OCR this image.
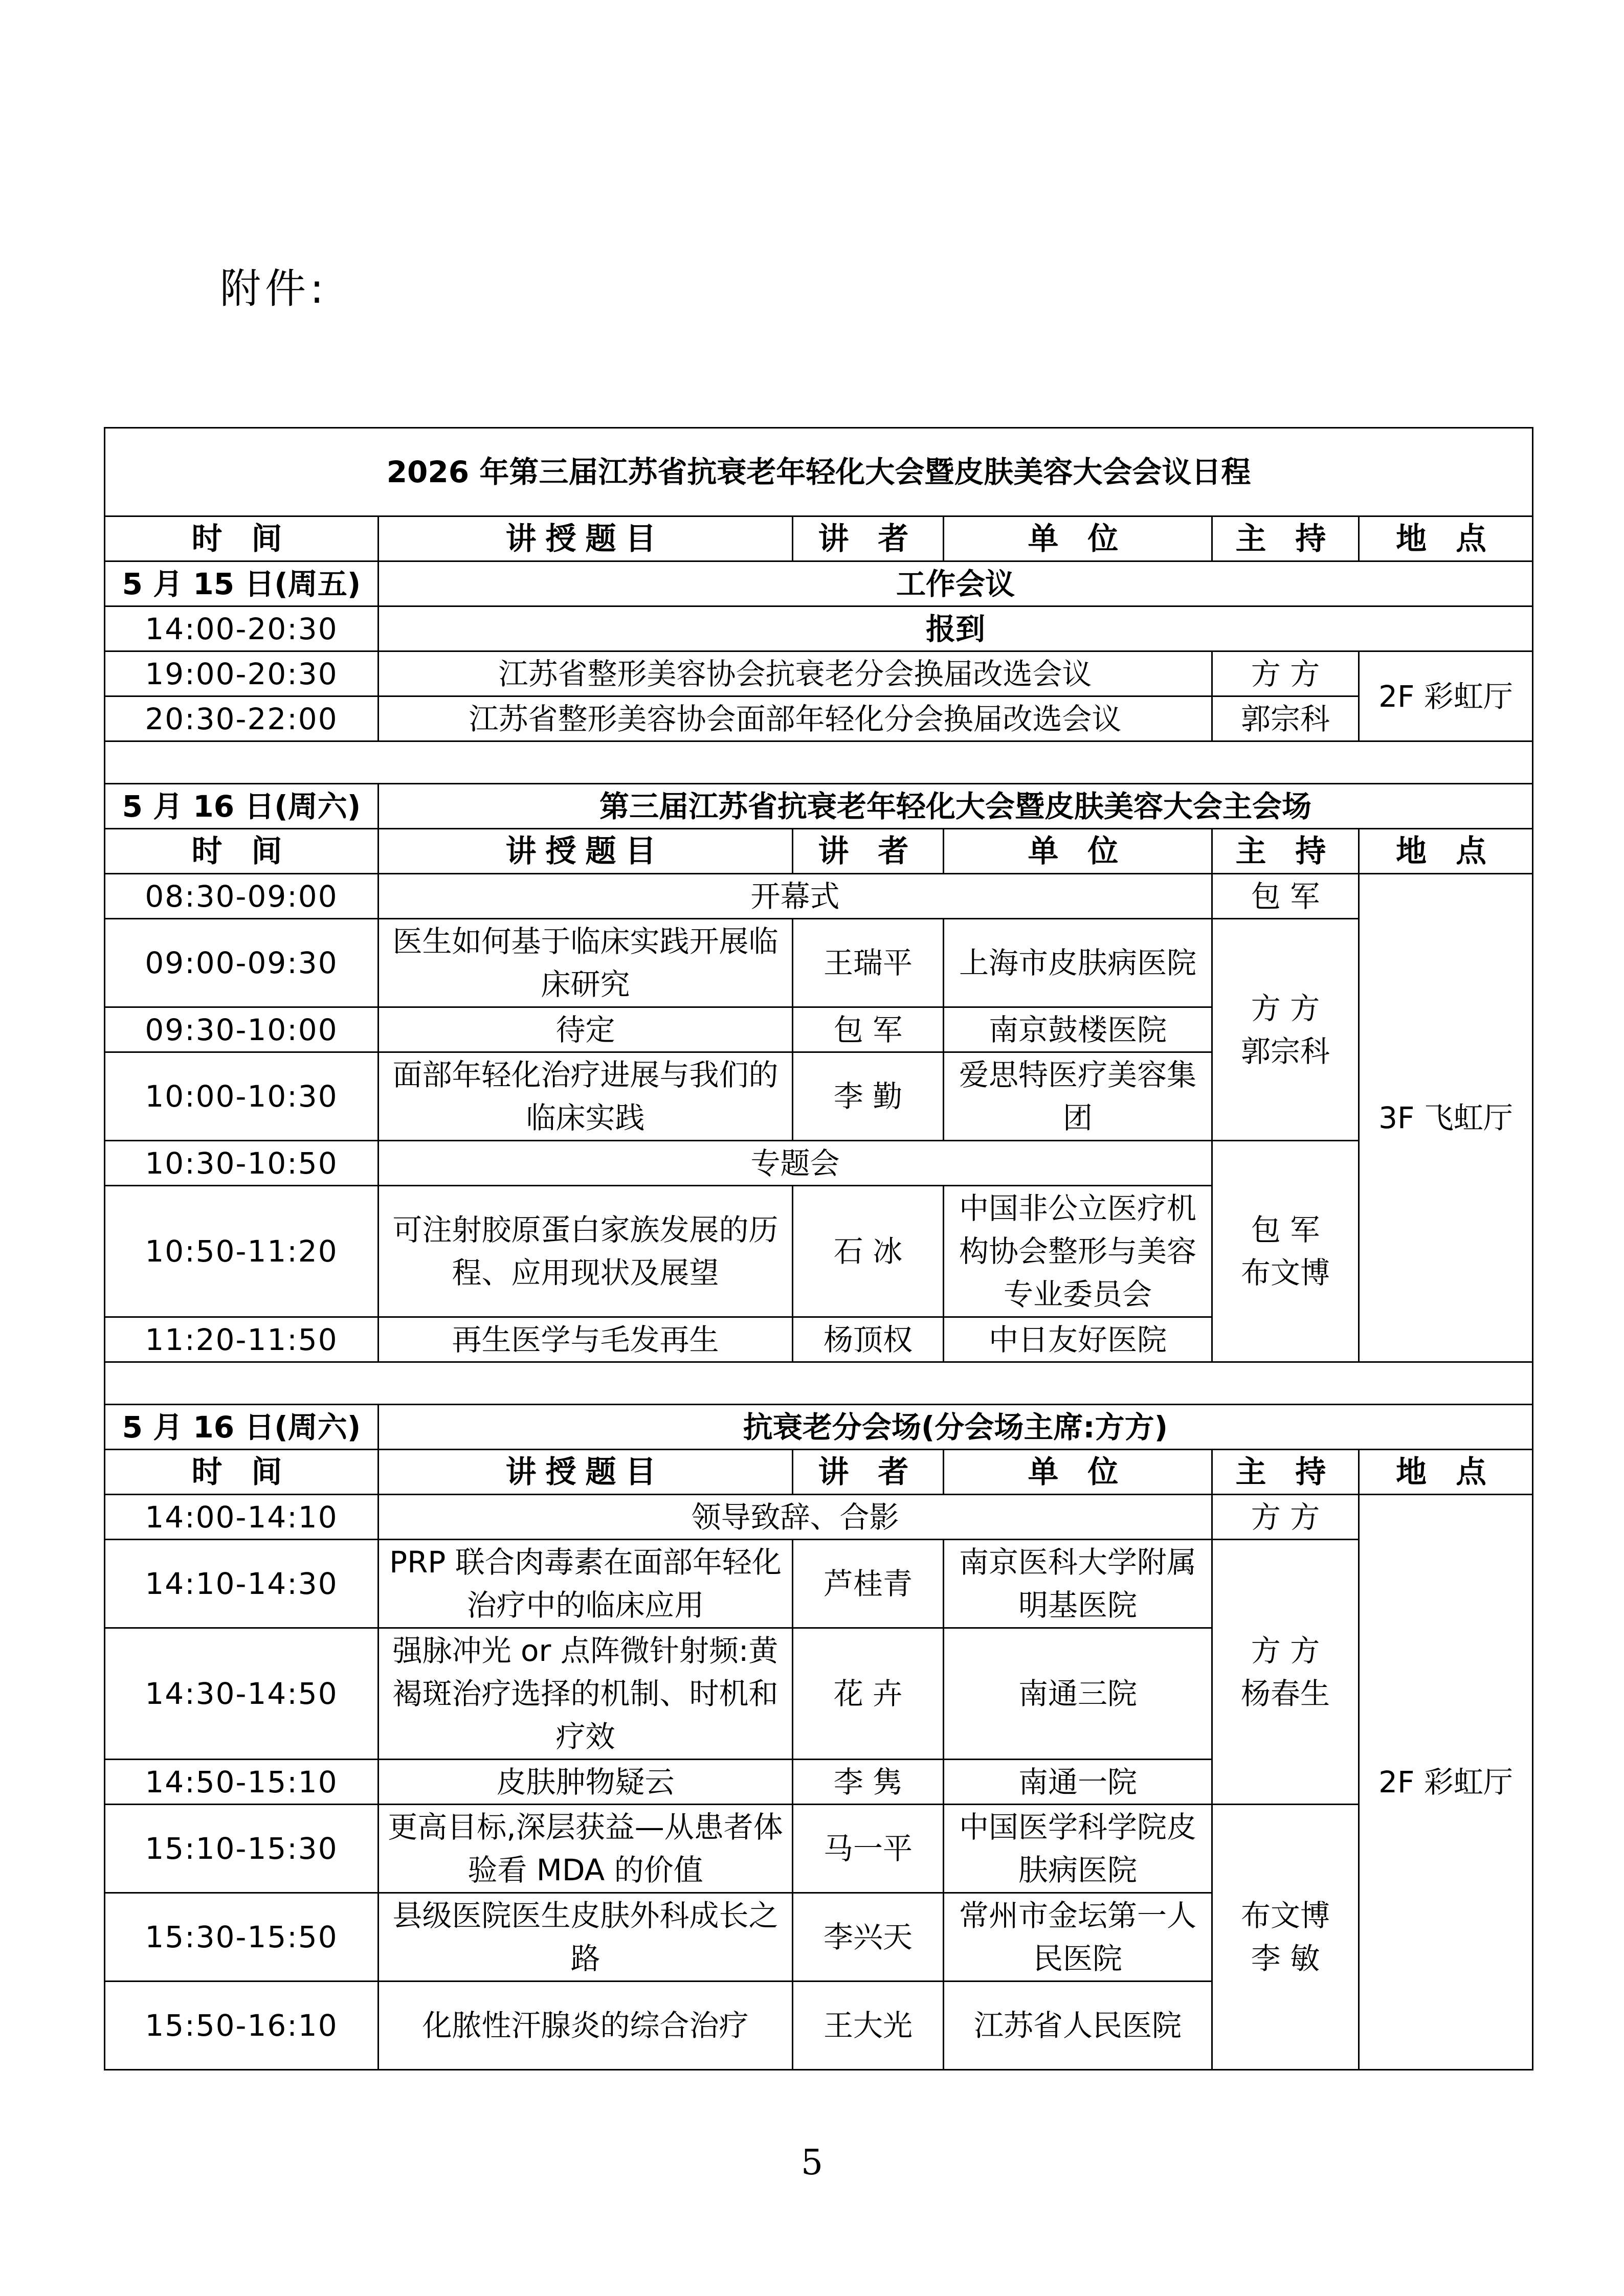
附件:
2026 年第三届江苏省抗衰老年轻化大会暨皮肤美容大会会议日程					
时 间	讲授题目	讲 者	单 位	主 持	地 点
5 月 15 日(周五)	工作会议				
14:00-20:30	报到				
19:00-20:30	江苏省整形美容协会抗衰老分会换届改选会议			方 方	2F 彩虹厅
20:30-22:00	江苏省整形美容协会面部年轻化分会换届改选会议			郭宗科	

5 月 16 日(周六)	第三届江苏省抗衰老年轻化大会暨皮肤美容大会主会场				
时 间	讲授题目	讲 者	单 位	主 持	地 点
08:30-09:00	开幕式			包 军	3F 飞虹厅
09:00-09:30	医生如何基于临床实践开展临床研究	王瑞平	上海市皮肤病医院	方 方
郭宗科	
09:30-10:00	待定	包 军	南京鼓楼医院		
10:00-10:30	面部年轻化治疗进展与我们的临床实践	李 勤	爱思特医疗美容集团		
10:30-10:50	专题会			包 军
布文博	
10:50-11:20	可注射胶原蛋白家族发展的历程、应用现状及展望	石 冰	中国非公立医疗机构协会整形与美容专业委员会		
11:20-11:50	再生医学与毛发再生	杨顶权	中日友好医院		

5 月 16 日(周六)	抗衰老分会场(分会场主席:方方)				
时 间	讲授题目	讲 者	单 位	主 持	地 点
14:00-14:10	领导致辞、合影			方 方	2F 彩虹厅
14:10-14:30	PRP 联合肉毒素在面部年轻化治疗中的临床应用	芦桂青	南京医科大学附属明基医院	方 方
杨春生	
14:30-14:50	强脉冲光 or 点阵微针射频:黄褐斑治疗选择的机制、时机和疗效	花 卉	南通三院		
14:50-15:10	皮肤肿物疑云	李 隽	南通一院		
15:10-15:30	更高目标,深层获益—从患者体验看 MDA 的价值	马一平	中国医学科学院皮肤病医院	布文博
李 敏	
15:30-15:50	县级医院医生皮肤外科成长之路	李兴天	常州市金坛第一人民医院		
15:50-16:10	化脓性汗腺炎的综合治疗	王大光	江苏省人民医院		
5
